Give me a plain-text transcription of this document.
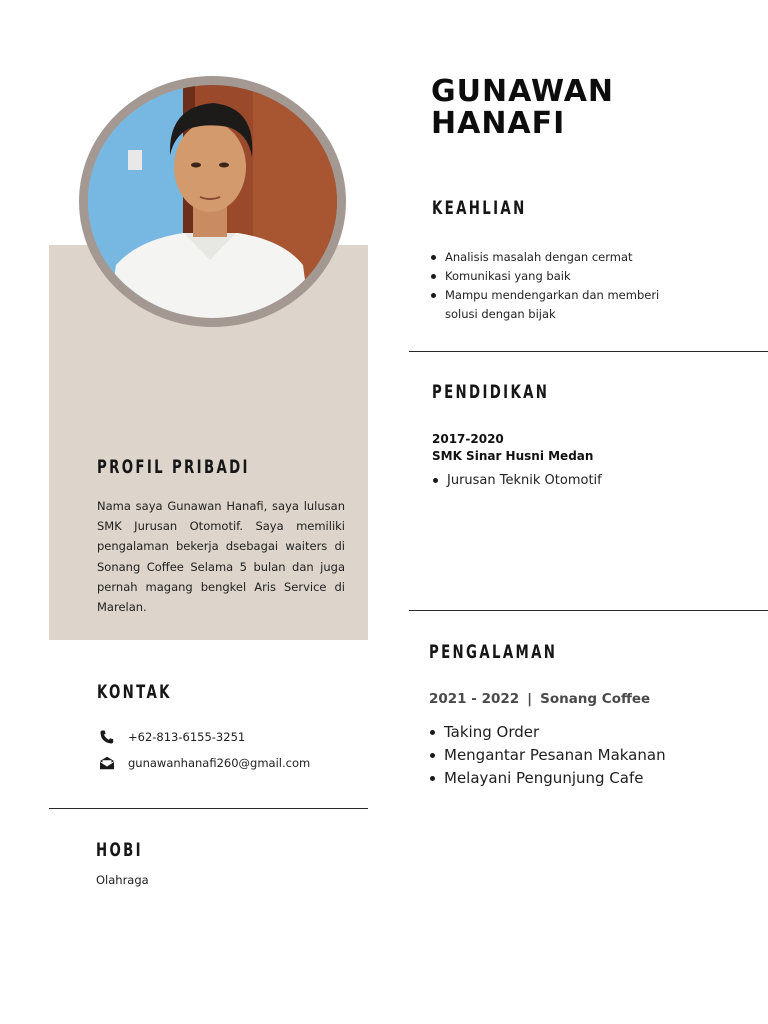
GUNAWAN
HANAFI
KEAHLIAN
Analisis masalah dengan cermat
Komunikasi yang baik
Mampu mendengarkan dan memberi solusi dengan bijak
PENDIDIKAN
2017-2020
SMK Sinar Husni Medan
Jurusan Teknik Otomotif
PENGALAMAN
2021 - 2022 | Sonang Coffee
Taking Order
Mengantar Pesanan Makanan
Melayani Pengunjung Cafe
PROFIL PRIBADI
Nama saya Gunawan Hanafi, saya lulusan SMK Jurusan Otomotif. Saya memiliki pengalaman bekerja dsebagai waiters di Sonang Coffee Selama 5 bulan dan juga pernah magang bengkel Aris Service di Marelan.
KONTAK
+62-813-6155-3251
gunawanhanafi260@gmail.com
HOBI
Olahraga
